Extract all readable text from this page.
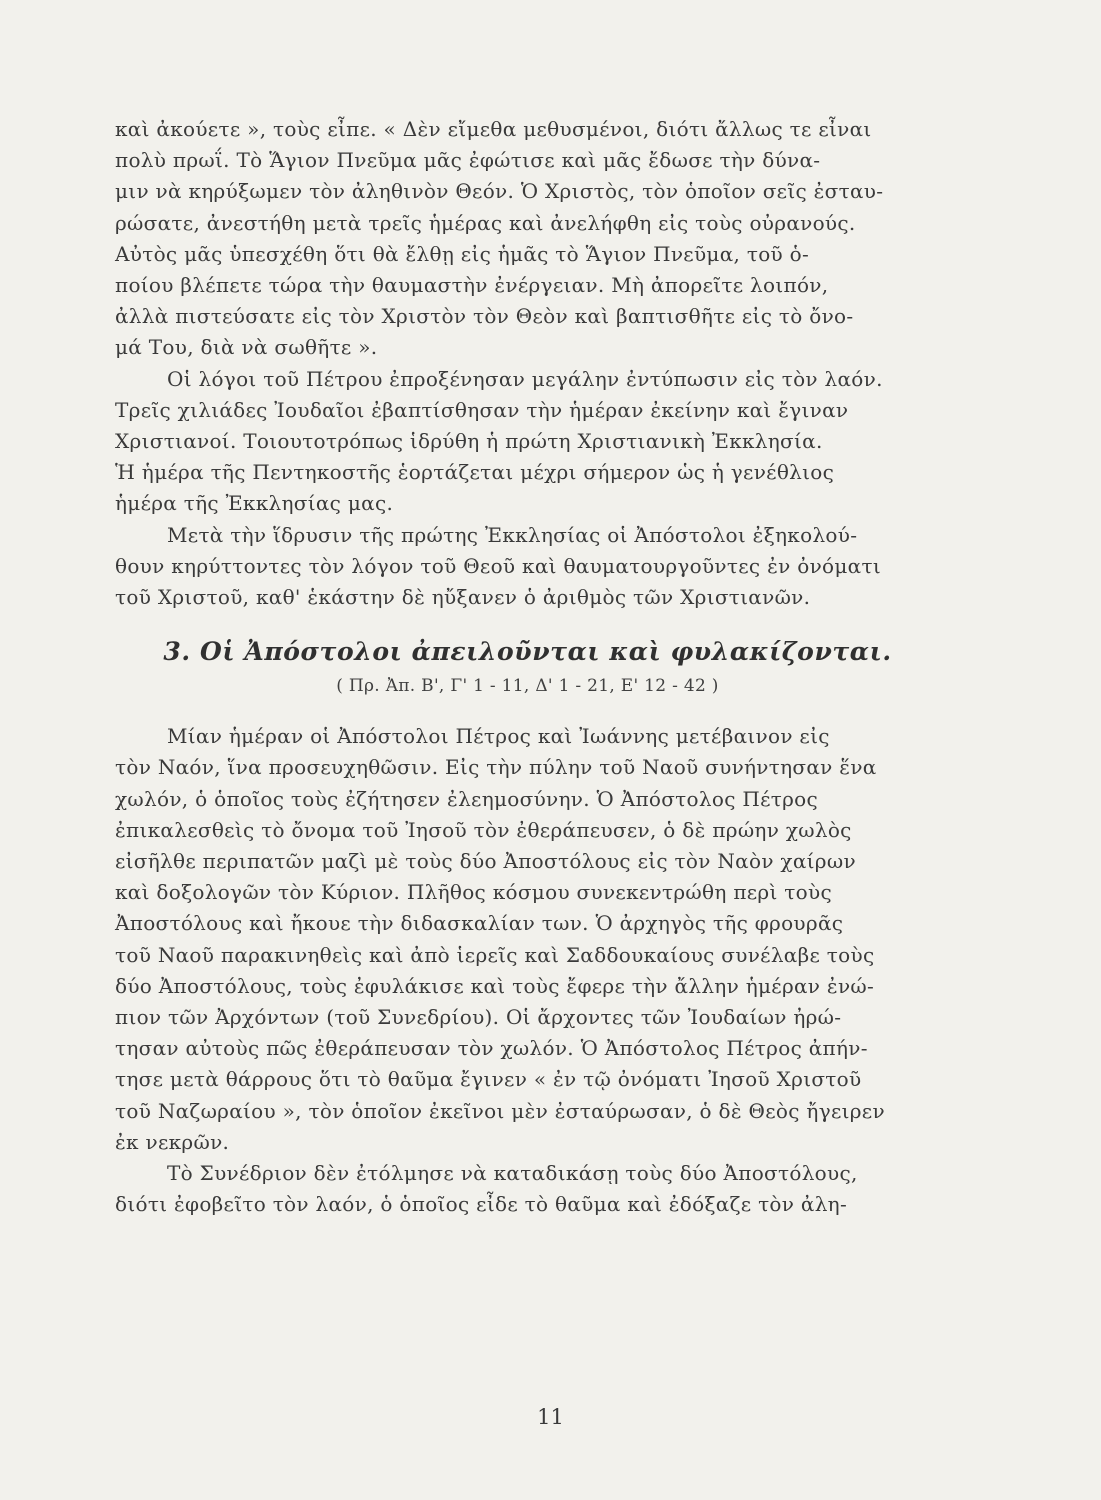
καὶ ἀκούετε », τοὺς εἶπε. « Δὲν εἴμεθα μεθυσμένοι, διότι ἄλλως τε εἶναι
πολὺ πρωΐ. Τὸ Ἅγιον Πνεῦμα μᾶς ἐφώτισε καὶ μᾶς ἔδωσε τὴν δύνα-
μιν νὰ κηρύξωμεν τὸν ἀληθινὸν Θεόν. Ὁ Χριστὸς, τὸν ὁποῖον σεῖς ἐσταυ-
ρώσατε, ἀνεστήθη μετὰ τρεῖς ἡμέρας καὶ ἀνελήφθη εἰς τοὺς οὐρανούς.
Αὐτὸς μᾶς ὑπεσχέθη ὅτι θὰ ἔλθῃ εἰς ἡμᾶς τὸ Ἅγιον Πνεῦμα, τοῦ ὁ-
ποίου βλέπετε τώρα τὴν θαυμαστὴν ἐνέργειαν. Μὴ ἀπορεῖτε λοιπόν,
ἀλλὰ πιστεύσατε εἰς τὸν Χριστὸν τὸν Θεὸν καὶ βαπτισθῆτε εἰς τὸ ὄνο-
μά Του, διὰ νὰ σωθῆτε ».

Οἱ λόγοι τοῦ Πέτρου ἐπροξένησαν μεγάλην ἐντύπωσιν εἰς τὸν λαόν.
Τρεῖς χιλιάδες Ἰουδαῖοι ἐβαπτίσθησαν τὴν ἡμέραν ἐκείνην καὶ ἔγιναν
Χριστιανοί. Τοιουτοτρόπως ἱδρύθη ἡ πρώτη Χριστιανικὴ Ἐκκλησία.
Ἡ ἡμέρα τῆς Πεντηκοστῆς ἑορτάζεται μέχρι σήμερον ὡς ἡ γενέθλιος
ἡμέρα τῆς Ἐκκλησίας μας.

Μετὰ τὴν ἵδρυσιν τῆς πρώτης Ἐκκλησίας οἱ Ἀπόστολοι ἐξηκολού-
θουν κηρύττοντες τὸν λόγον τοῦ Θεοῦ καὶ θαυματουργοῦντες ἐν ὀνόματι
τοῦ Χριστοῦ, καθ' ἑκάστην δὲ ηὔξανεν ὁ ἀριθμὸς τῶν Χριστιανῶν.

3. Οἱ Ἀπόστολοι ἀπειλοῦνται καὶ φυλακίζονται.
( Πρ. Ἀπ. Β', Γ' 1 - 11, Δ' 1 - 21, Ε' 12 - 42 )

Μίαν ἡμέραν οἱ Ἀπόστολοι Πέτρος καὶ Ἰωάννης μετέβαινον εἰς
τὸν Ναόν, ἵνα προσευχηθῶσιν. Εἰς τὴν πύλην τοῦ Ναοῦ συνήντησαν ἕνα
χωλόν, ὁ ὁποῖος τοὺς ἐζήτησεν ἐλεημοσύνην. Ὁ Ἀπόστολος Πέτρος
ἐπικαλεσθεὶς τὸ ὄνομα τοῦ Ἰησοῦ τὸν ἐθεράπευσεν, ὁ δὲ πρώην χωλὸς
εἰσῆλθε περιπατῶν μαζὶ μὲ τοὺς δύο Ἀποστόλους εἰς τὸν Ναὸν χαίρων
καὶ δοξολογῶν τὸν Κύριον. Πλῆθος κόσμου συνεκεντρώθη περὶ τοὺς
Ἀποστόλους καὶ ἤκουε τὴν διδασκαλίαν των. Ὁ ἀρχηγὸς τῆς φρουρᾶς
τοῦ Ναοῦ παρακινηθεὶς καὶ ἀπὸ ἱερεῖς καὶ Σαδδουκαίους συνέλαβε τοὺς
δύο Ἀποστόλους, τοὺς ἐφυλάκισε καὶ τοὺς ἔφερε τὴν ἄλλην ἡμέραν ἐνώ-
πιον τῶν Ἀρχόντων (τοῦ Συνεδρίου). Οἱ ἄρχοντες τῶν Ἰουδαίων ἠρώ-
τησαν αὐτοὺς πῶς ἐθεράπευσαν τὸν χωλόν. Ὁ Ἀπόστολος Πέτρος ἀπήν-
τησε μετὰ θάρρους ὅτι τὸ θαῦμα ἔγινεν « ἐν τῷ ὀνόματι Ἰησοῦ Χριστοῦ
τοῦ Ναζωραίου », τὸν ὁποῖον ἐκεῖνοι μὲν ἐσταύρωσαν, ὁ δὲ Θεὸς ἤγειρεν
ἐκ νεκρῶν.

Τὸ Συνέδριον δὲν ἐτόλμησε νὰ καταδικάσῃ τοὺς δύο Ἀποστόλους,
διότι ἐφοβεῖτο τὸν λαόν, ὁ ὁποῖος εἶδε τὸ θαῦμα καὶ ἐδόξαζε τὸν ἀλη-

11
